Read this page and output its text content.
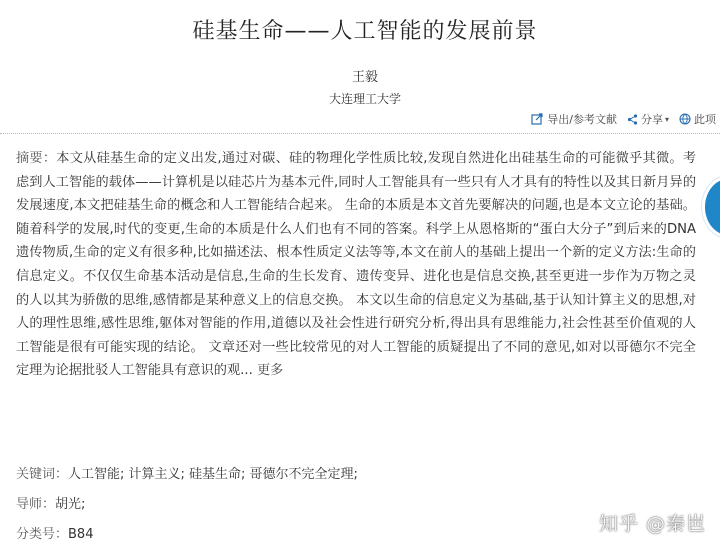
硅基生命——人工智能的发展前景
王毅
大连理工大学
导出/参考文献 分享 ▾ 此项
摘要：本文从硅基生命的定义出发,通过对碳、硅的物理化学性质比较,发现自然进化出硅基生命的可能微乎其微。考虑到人工智能的载体——计算机是以硅芯片为基本元件,同时人工智能具有一些只有人才具有的特性以及其日新月异的发展速度,本文把硅基生命的概念和人工智能结合起来。 生命的本质是本文首先要解决的问题,也是本文立论的基础。随着科学的发展,时代的变更,生命的本质是什么人们也有不同的答案。科学上从恩格斯的“蛋白大分子”到后来的DNA遗传物质,生命的定义有很多种,比如描述法、根本性质定义法等等,本文在前人的基础上提出一个新的定义方法:生命的信息定义。不仅仅生命基本活动是信息,生命的生长发育、遗传变异、进化也是信息交换,甚至更进一步作为万物之灵的人以其为骄傲的思维,感情都是某种意义上的信息交换。 本文以生命的信息定义为基础,基于认知计算主义的思想,对人的理性思维,感性思维,躯体对智能的作用,道德以及社会性进行研究分析,得出具有思维能力,社会性甚至价值观的人工智能是很有可能实现的结论。 文章还对一些比较常见的对人工智能的质疑提出了不同的意见,如对以哥德尔不完全定理为论据批驳人工智能具有意识的观... 更多
关键词：人工智能; 计算主义; 硅基生命; 哥德尔不完全定理;
导师：胡光;
分类号：B84	知乎 @秦岜
